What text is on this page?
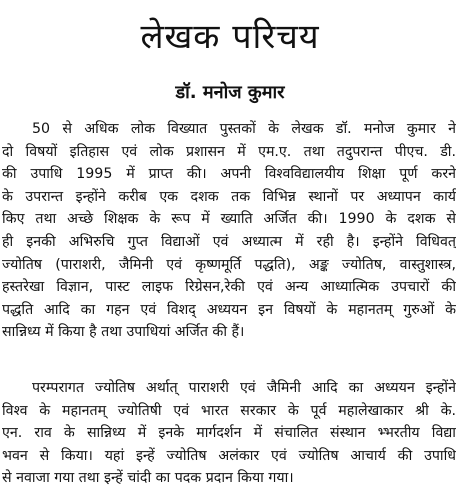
लेखक परिचय
डॉ. मनोज कुमार
50 से अधिक लोक विख्यात पुस्तकों के लेखक डॉ. मनोज कुमार ने
दो विषयों इतिहास एवं लोक प्रशासन में एम.ए. तथा तदुपरान्त पीएच. डी.
की उपाधि 1995 में प्राप्त की। अपनी विश्वविद्यालयीय शिक्षा पूर्ण करने
के उपरान्त इन्होंने करीब एक दशक तक विभिन्न स्थानों पर अध्यापन कार्य
किए तथा अच्छे शिक्षक के रूप में ख्याति अर्जित की। 1990 के दशक से
ही इनकी अभिरुचि गुप्त विद्याओं एवं अध्यात्म में रही है। इन्होंने विधिवत्
ज्योतिष (पाराशरी, जैमिनी एवं कृष्णमूर्ति पद्धति), अङ्क ज्योतिष, वास्तुशास्त्र,
हस्तरेखा विज्ञान, पास्ट लाइफ रिग्रेसन,रेकी एवं अन्य आध्यात्मिक उपचारों की
पद्धति आदि का गहन एवं विशद् अध्ययन इन विषयों के महानतम् गुरुओं के
सान्निध्य में किया है तथा उपाधियां अर्जित की हैं।
परम्परागत ज्योतिष अर्थात् पाराशरी एवं जैमिनी आदि का अध्ययन इन्होंने
विश्व के महानतम् ज्योतिषी एवं भारत सरकार के पूर्व महालेखाकार श्री के.
एन. राव के सान्निध्य में इनके मार्गदर्शन में संचालित संस्थान भ्भरतीय विद्या
भवन से किया। यहां इन्हें ज्योतिष अलंकार एवं ज्योतिष आचार्य की उपाधि
से नवाजा गया तथा इन्हें चांदी का पदक प्रदान किया गया।
